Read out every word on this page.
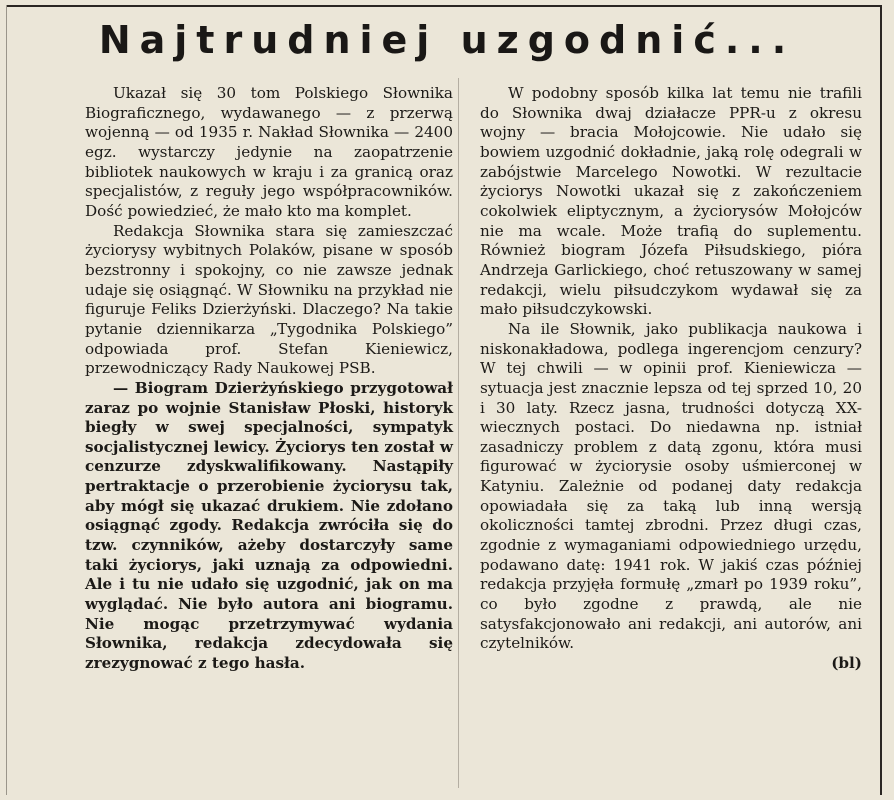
Najtrudniej uzgodnić...

Ukazał się 30 tom Polskiego Słownika Biograficznego, wydawanego — z przerwą wojenną — od 1935 r. Nakład Słownika — 2400 egz. wystarczy jedynie na zaopatrzenie bibliotek naukowych w kraju i za granicą oraz specjalistów, z reguły jego współpracowników. Dość powiedzieć, że mało kto ma komplet.

Redakcja Słownika stara się zamieszczać życiorysy wybitnych Polaków, pisane w sposób bezstronny i spokojny, co nie zawsze jednak udaje się osiągnąć. W Słowniku na przykład nie figuruje Feliks Dzierżyński. Dlaczego? Na takie pytanie dziennikarza „Tygodnika Polskiego” odpowiada prof. Stefan Kieniewicz, przewodniczący Rady Naukowej PSB.

— Biogram Dzierżyńskiego przygotował zaraz po wojnie Stanisław Płoski, historyk biegły w swej specjalności, sympatyk socjalistycznej lewicy. Życiorys ten został w cenzurze zdyskwalifikowany. Nastąpiły pertraktacje o przerobienie życiorysu tak, aby mógł się ukazać drukiem. Nie zdołano osiągnąć zgody. Redakcja zwróciła się do tzw. czynników, ażeby dostarczyły same taki życiorys, jaki uznają za odpowiedni. Ale i tu nie udało się uzgodnić, jak on ma wyglądać. Nie było autora ani biogramu. Nie mogąc przetrzymywać wydania Słownika, redakcja zdecydowała się zrezygnować z tego hasła.

W podobny sposób kilka lat temu nie trafili do Słownika dwaj działacze PPR-u z okresu wojny — bracia Mołojcowie. Nie udało się bowiem uzgodnić dokładnie, jaką rolę odegrali w zabójstwie Marcelego Nowotki. W rezultacie życiorys Nowotki ukazał się z zakończeniem cokolwiek eliptycznym, a życiorysów Mołojców nie ma wcale. Może trafią do suplementu. Również biogram Józefa Piłsudskiego, pióra Andrzeja Garlickiego, choć retuszowany w samej redakcji, wielu piłsudczykom wydawał się za mało piłsudczykowski.

Na ile Słownik, jako publikacja naukowa i niskonakładowa, podlega ingerencjom cenzury? W tej chwili — w opinii prof. Kieniewicza — sytuacja jest znacznie lepsza od tej sprzed 10, 20 i 30 laty. Rzecz jasna, trudności dotyczą XX-wiecznych postaci. Do niedawna np. istniał zasadniczy problem z datą zgonu, która musi figurować w życiorysie osoby uśmierconej w Katyniu. Zależnie od podanej daty redakcja opowiadała się za taką lub inną wersją okoliczności tamtej zbrodni. Przez długi czas, zgodnie z wymaganiami odpowiedniego urzędu, podawano datę: 1941 rok. W jakiś czas później redakcja przyjęła formułę „zmarł po 1939 roku”, co było zgodne z prawdą, ale nie satysfakcjonowało ani redakcji, ani autorów, ani czytelników.

(bl)
